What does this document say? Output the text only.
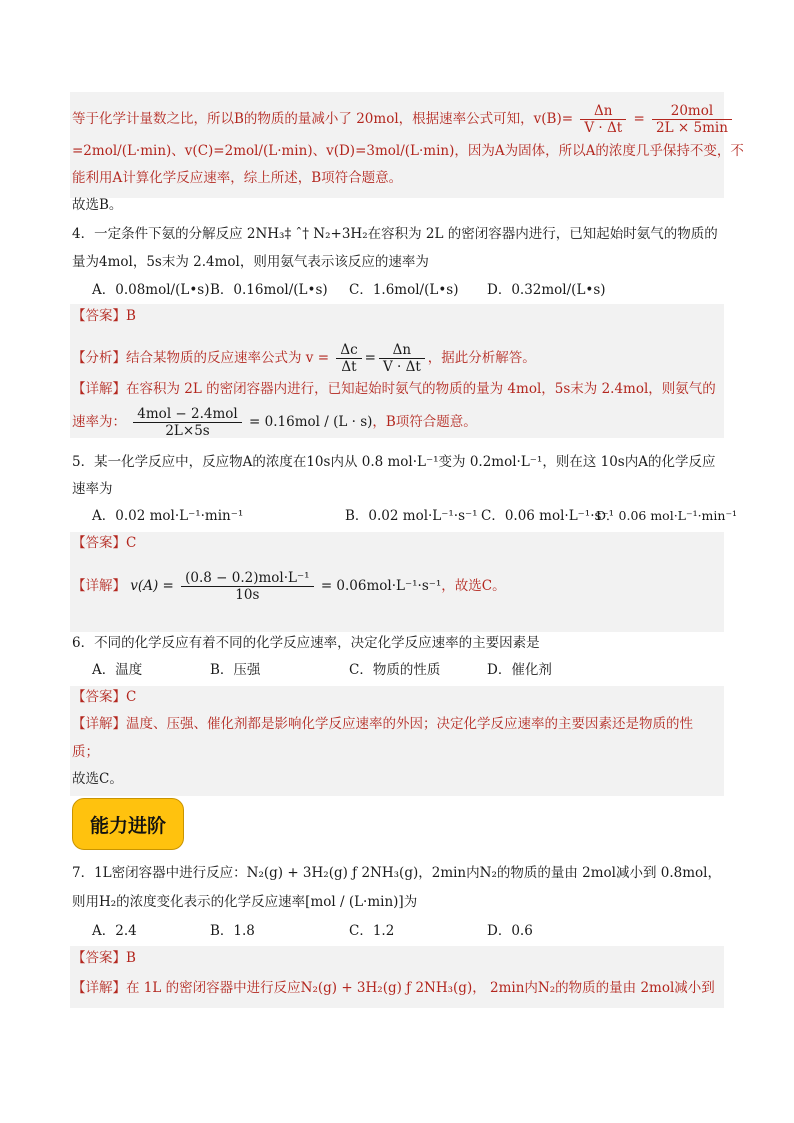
等于化学计量数之比，所以B的物质的量减小了 20mol，根据速率公式可知，$v(B)= \frac{\Delta n}{V \cdot \Delta t} = \frac{\text{20mol}}{2L \times 5\min}$
=2mol/(L·min)、v(C)=2mol/(L·min)、v(D)=3mol/(L·min)，因为A为固体，所以A的浓度几乎保持不变，不
能利用A计算化学反应速率，综上所述，B项符合题意。
故选B。
4．一定条件下氨的分解反应 2NH₃‡ ˆ† N₂+3H₂在容积为 2L 的密闭容器内进行，已知起始时氨气的物质的
量为4mol，5s末为 2.4mol，则用氨气表示该反应的速率为
A．0.08mol/(L•s) B．0.16mol/(L•s) C．1.6mol/(L•s) D．0.32mol/(L•s)
【答案】B
【分析】结合某物质的反应速率公式为 $v = \frac{\Delta c}{\Delta t} = \frac{\Delta n}{V \cdot \Delta t}$ ，据此分析解答。
【详解】在容积为 2L 的密闭容器内进行，已知起始时氨气的物质的量为 4mol，5s末为 2.4mol，则氨气的
速率为： $\frac{\text{4mol − 2.4mol}}{2L\times 5s} = 0.16mol / (L \cdot s)$，B项符合题意。
5．某一化学反应中，反应物A的浓度在10s内从 0.8 mol·L⁻¹变为 0.2mol·L⁻¹，则在这 10s内A的化学反应
速率为
A．0.02 mol·L⁻¹·min⁻¹	B．0.02 mol·L⁻¹·s⁻¹ C．0.06 mol·L⁻¹·s⁻¹
D．0.06 mol·L⁻¹·min⁻¹
【答案】C
【详解】 $v(A) = \frac{\text{(0.8 − 0.2)mol·L⁻¹}}{10s} = 0.06mol\cdot L^{-1}\cdot s^{-1}$，故选C。
6．不同的化学反应有着不同的化学反应速率，决定化学反应速率的主要因素是
A．温度	B．压强	C．物质的性质	D．催化剂
【答案】C
【详解】温度、压强、催化剂都是影响化学反应速率的外因；决定化学反应速率的主要因素还是物质的性
质；
故选C。
能力进阶
7．1L密闭容器中进行反应：N₂(g) + 3H₂(g) ƒ 2NH₃(g)，2min内N₂的物质的量由 2mol减小到 0.8mol，
则用H₂的浓度变化表示的化学反应速率[mol / (L·min)]为
A．2.4	B．1.8	C．1.2	D．0.6
【答案】B
【详解】在 1L 的密闭容器中进行反应N₂(g) + 3H₂(g) ƒ 2NH₃(g)， 2min内N₂的物质的量由 2mol减小到
